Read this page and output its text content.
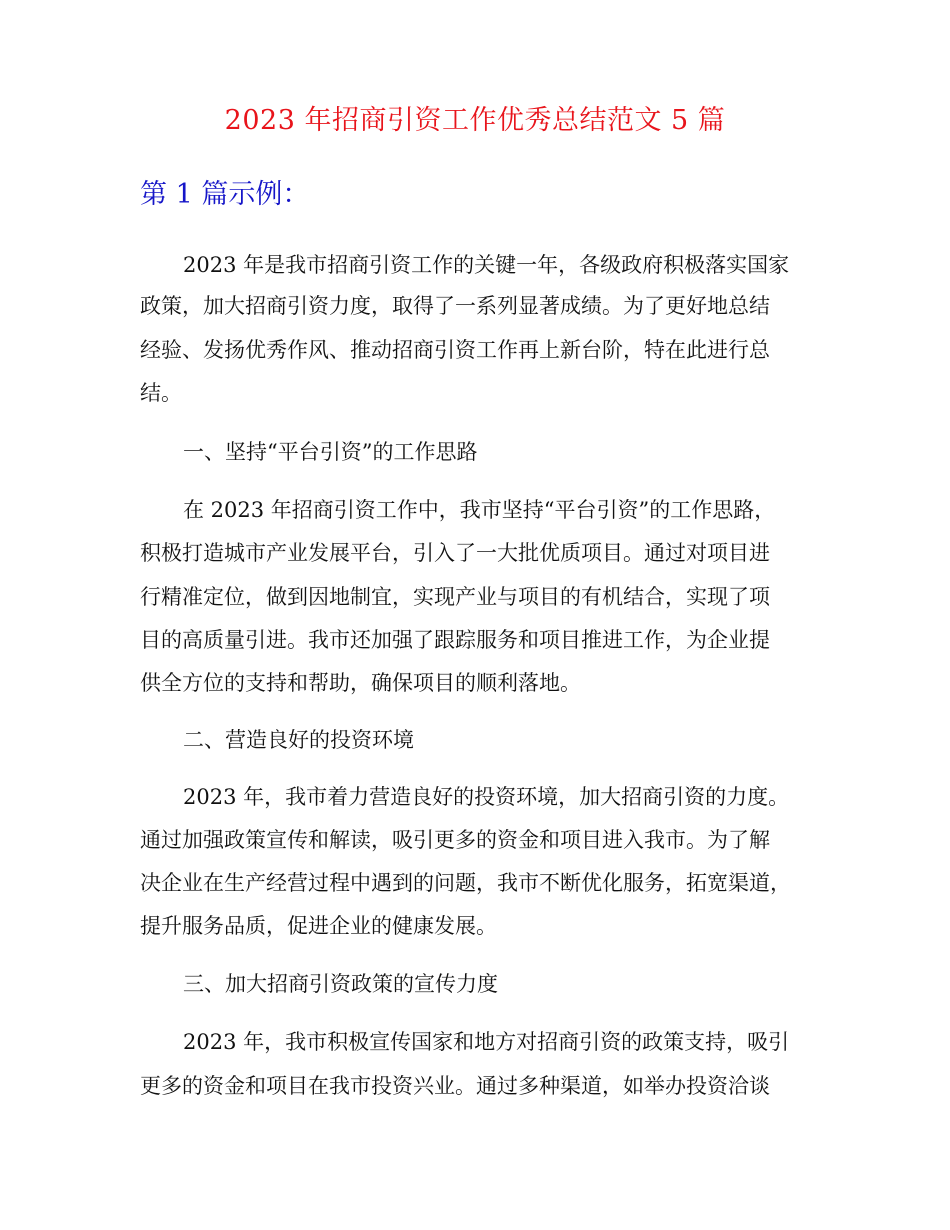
2023 年招商引资工作优秀总结范文 5 篇
第 1 篇示例：
2023 年是我市招商引资工作的关键一年，各级政府积极落实国家
政策，加大招商引资力度，取得了一系列显著成绩。为了更好地总结
经验、发扬优秀作风、推动招商引资工作再上新台阶，特在此进行总
结。
一、坚持“平台引资”的工作思路
在 2023 年招商引资工作中，我市坚持“平台引资”的工作思路，
积极打造城市产业发展平台，引入了一大批优质项目。通过对项目进
行精准定位，做到因地制宜，实现产业与项目的有机结合，实现了项
目的高质量引进。我市还加强了跟踪服务和项目推进工作，为企业提
供全方位的支持和帮助，确保项目的顺利落地。
二、营造良好的投资环境
2023 年，我市着力营造良好的投资环境，加大招商引资的力度。
通过加强政策宣传和解读，吸引更多的资金和项目进入我市。为了解
决企业在生产经营过程中遇到的问题，我市不断优化服务，拓宽渠道，
提升服务品质，促进企业的健康发展。
三、加大招商引资政策的宣传力度
2023 年，我市积极宣传国家和地方对招商引资的政策支持，吸引
更多的资金和项目在我市投资兴业。通过多种渠道，如举办投资洽谈
